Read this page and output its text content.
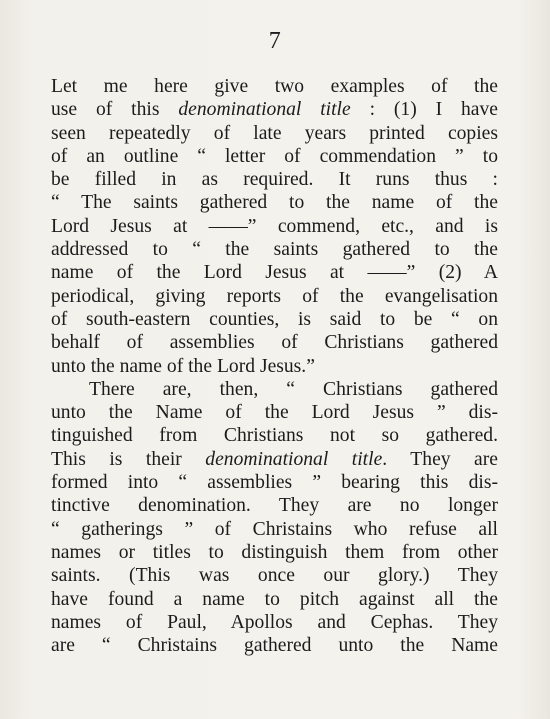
7
Let me here give two examples of the
use of this denominational title : (1) I have
seen repeatedly of late years printed copies
of an outline “ letter of commendation ” to
be filled in as required. It runs thus :
“ The saints gathered to the name of the
Lord Jesus at ——” commend, etc., and is
addressed to “ the saints gathered to the
name of the Lord Jesus at ——” (2) A
periodical, giving reports of the evangelisation
of south-eastern counties, is said to be “ on
behalf of assemblies of Christians gathered
unto the name of the Lord Jesus.”
There are, then, “ Christians gathered
unto the Name of the Lord Jesus ” dis-
tinguished from Christians not so gathered.
This is their denominational title. They are
formed into “ assemblies ” bearing this dis-
tinctive denomination. They are no longer
“ gatherings ” of Christains who refuse all
names or titles to distinguish them from other
saints. (This was once our glory.) They
have found a name to pitch against all the
names of Paul, Apollos and Cephas. They
are “ Christains gathered unto the Name
